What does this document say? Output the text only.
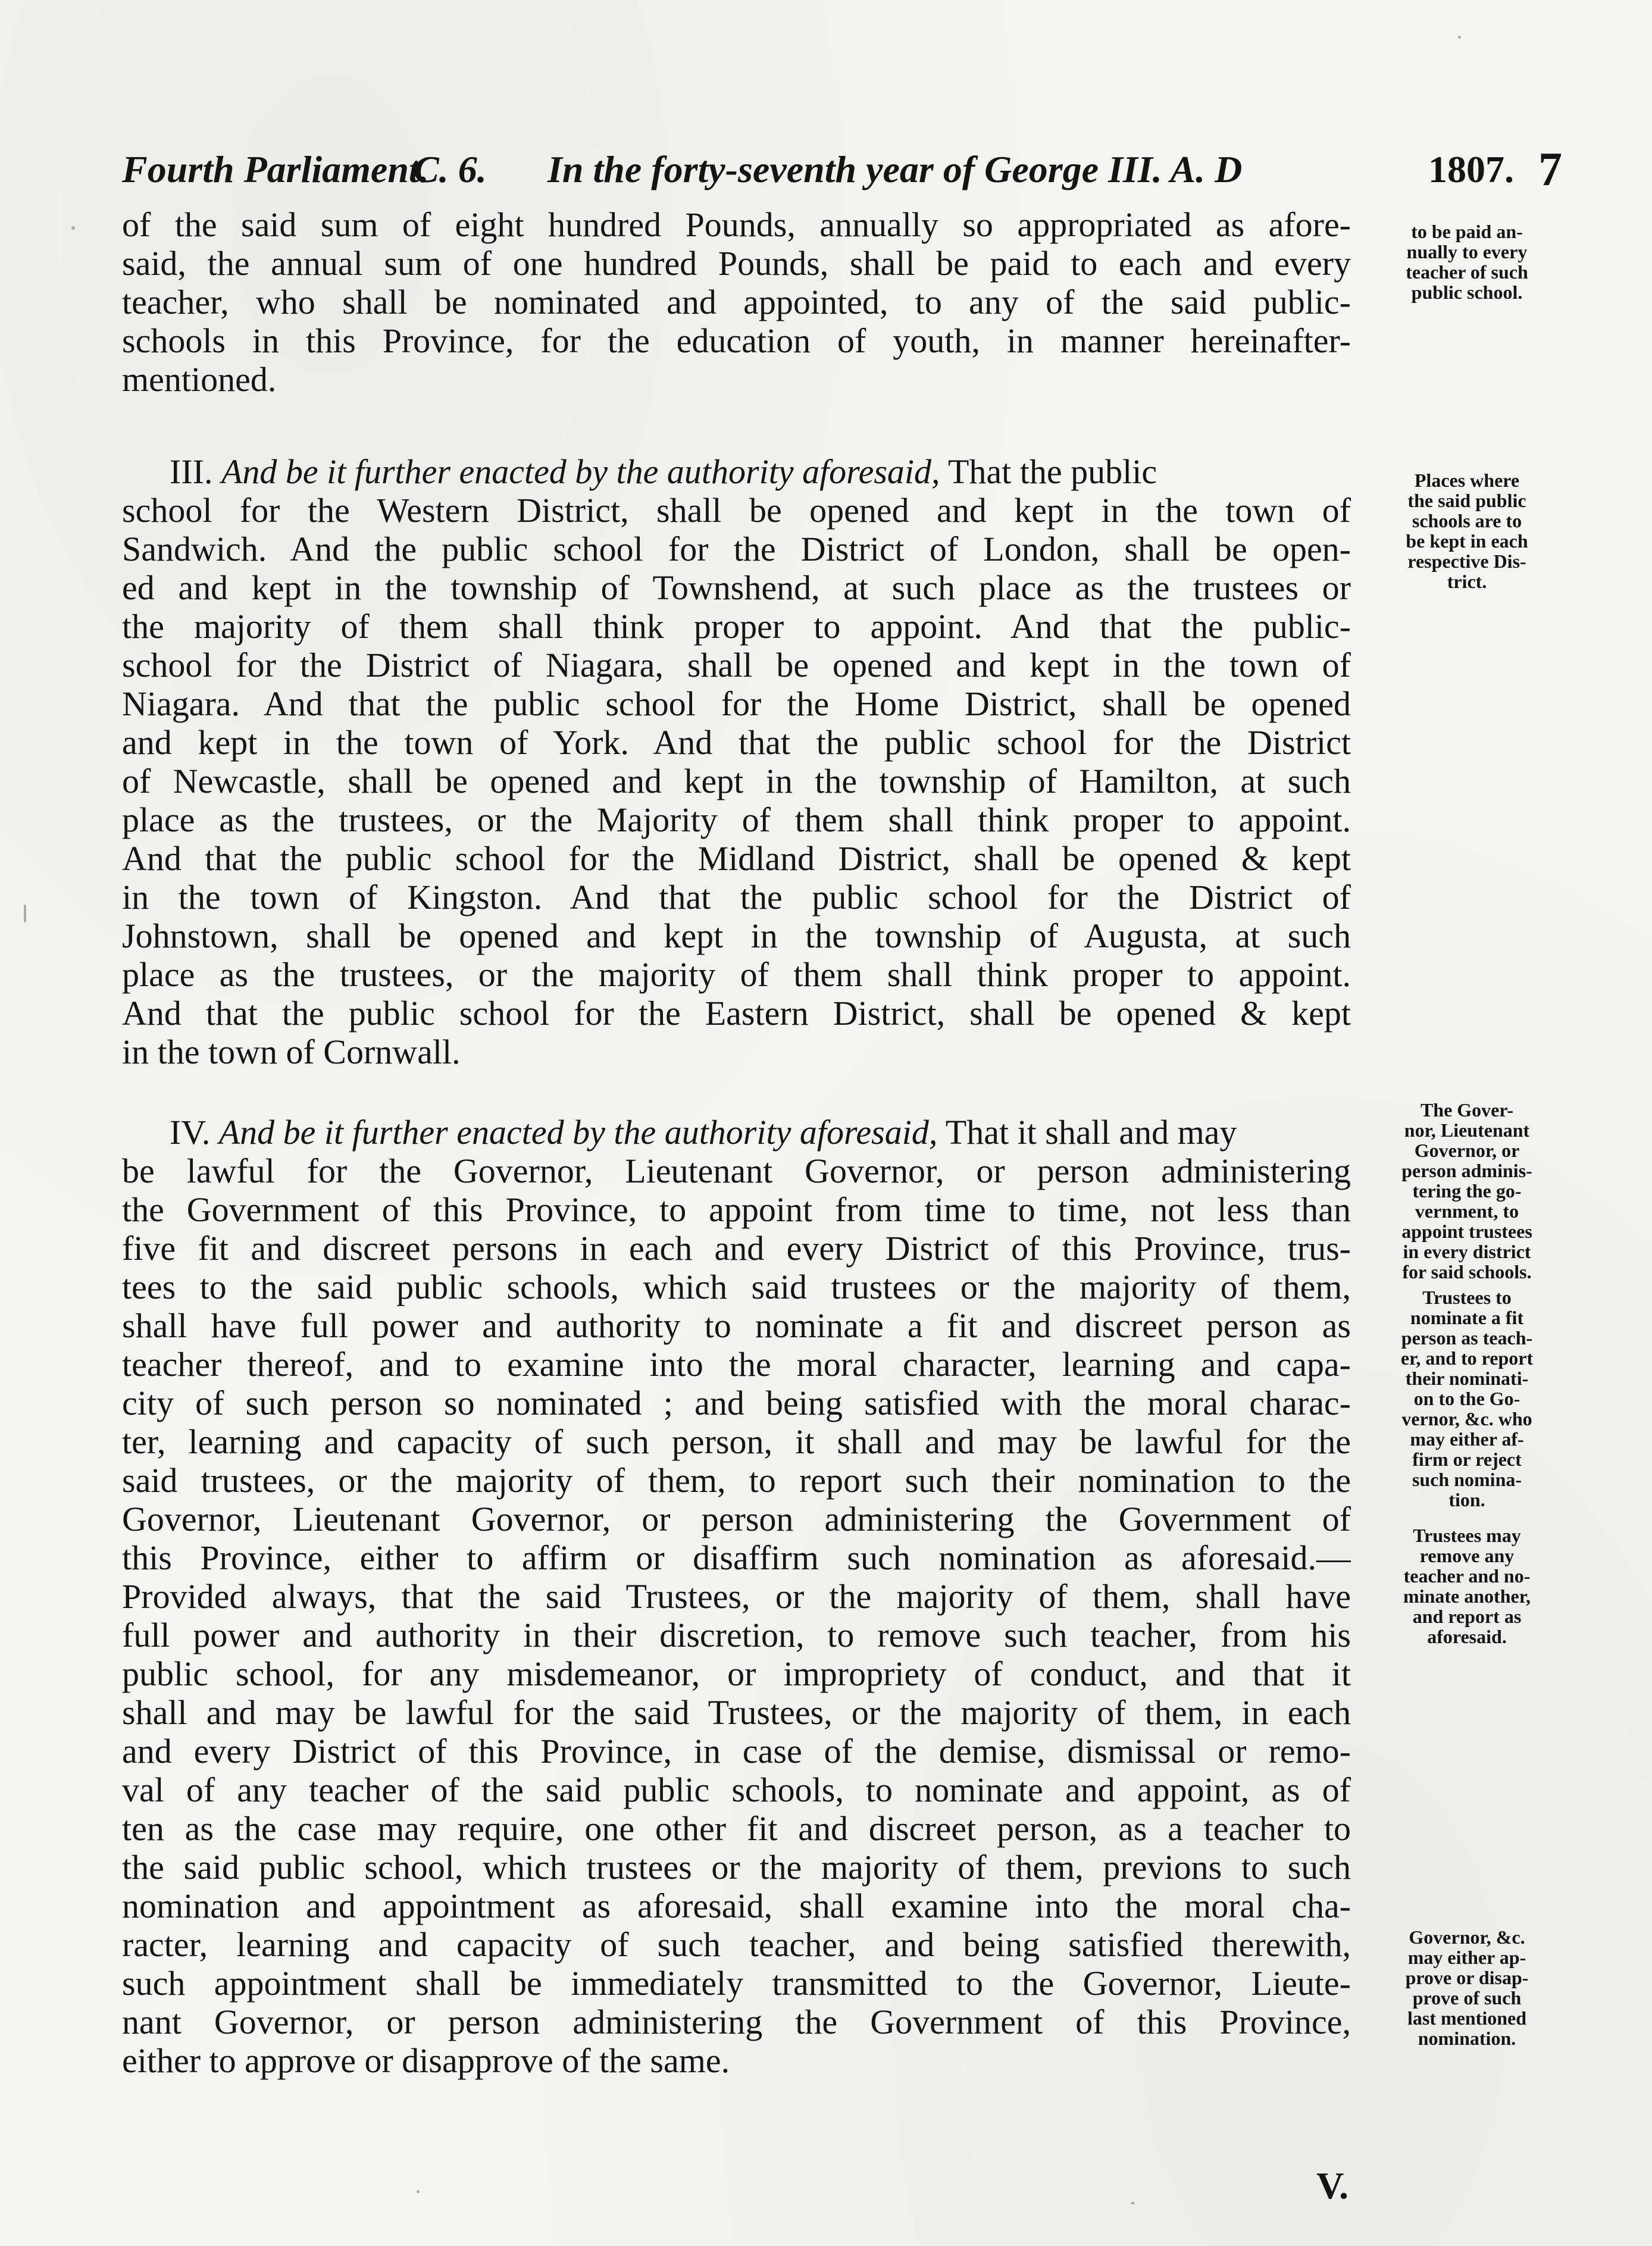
Fourth Parliament.
C. 6. In the forty-seventh year of George III. A. D	1807. 7
of the said sum of eight hundred Pounds, annually so appropriated as afore-
said, the annual sum of one hundred Pounds, shall be paid to each and every
teacher, who shall be nominated and appointed, to any of the said public-
schools in this Province, for the education of youth, in manner hereinafter-
mentioned.
III. And be it further enacted by the authority aforesaid, That the public
school for the Western District, shall be opened and kept in the town of
Sandwich. And the public school for the District of London, shall be open-
ed and kept in the township of Townshend, at such place as the trustees or
the majority of them shall think proper to appoint. And that the public-
school for the District of Niagara, shall be opened and kept in the town of
Niagara. And that the public school for the Home District, shall be opened
and kept in the town of York. And that the public school for the District
of Newcastle, shall be opened and kept in the township of Hamilton, at such
place as the trustees, or the Majority of them shall think proper to appoint.
And that the public school for the Midland District, shall be opened & kept
in the town of Kingston. And that the public school for the District of
Johnstown, shall be opened and kept in the township of Augusta, at such
place as the trustees, or the majority of them shall think proper to appoint.
And that the public school for the Eastern District, shall be opened & kept
in the town of Cornwall.
IV. And be it further enacted by the authority aforesaid, That it shall and may
be lawful for the Governor, Lieutenant Governor, or person administering
the Government of this Province, to appoint from time to time, not less than
five fit and discreet persons in each and every District of this Province, trus-
tees to the said public schools, which said trustees or the majority of them,
shall have full power and authority to nominate a fit and discreet person as
teacher thereof, and to examine into the moral character, learning and capa-
city of such person so nominated ; and being satisfied with the moral charac-
ter, learning and capacity of such person, it shall and may be lawful for the
said trustees, or the majority of them, to report such their nomination to the
Governor, Lieutenant Governor, or person administering the Government of
this Province, either to affirm or disaffirm such nomination as aforesaid.—
Provided always, that the said Trustees, or the majority of them, shall have
full power and authority in their discretion, to remove such teacher, from his
public school, for any misdemeanor, or impropriety of conduct, and that it
shall and may be lawful for the said Trustees, or the majority of them, in each
and every District of this Province, in case of the demise, dismissal or remo-
val of any teacher of the said public schools, to nominate and appoint, as of
ten as the case may require, one other fit and discreet person, as a teacher to
the said public school, which trustees or the majority of them, previons to such
nomination and appointment as aforesaid, shall examine into the moral cha-
racter, learning and capacity of such teacher, and being satisfied therewith,
such appointment shall be immediately transmitted to the Governor, Lieute-
nant Governor, or person administering the Government of this Province,
either to approve or disapprove of the same.
to be paid an-
nually to every
teacher of such
public school.
Places where
the said public
schools are to
be kept in each
respective Dis-
trict.
The Gover-
nor, Lieutenant
Governor, or
person adminis-
tering the go-
vernment, to
appoint trustees
in every district
for said schools.
Trustees to
nominate a fit
person as teach-
er, and to report
their nominati-
on to the Go-
vernor, &c. who
may either af-
firm or reject
such nomina-
tion.
Trustees may
remove any
teacher and no-
minate another,
and report as
aforesaid.
Governor, &c.
may either ap-
prove or disap-
prove of such
last mentioned
nomination.
V.
